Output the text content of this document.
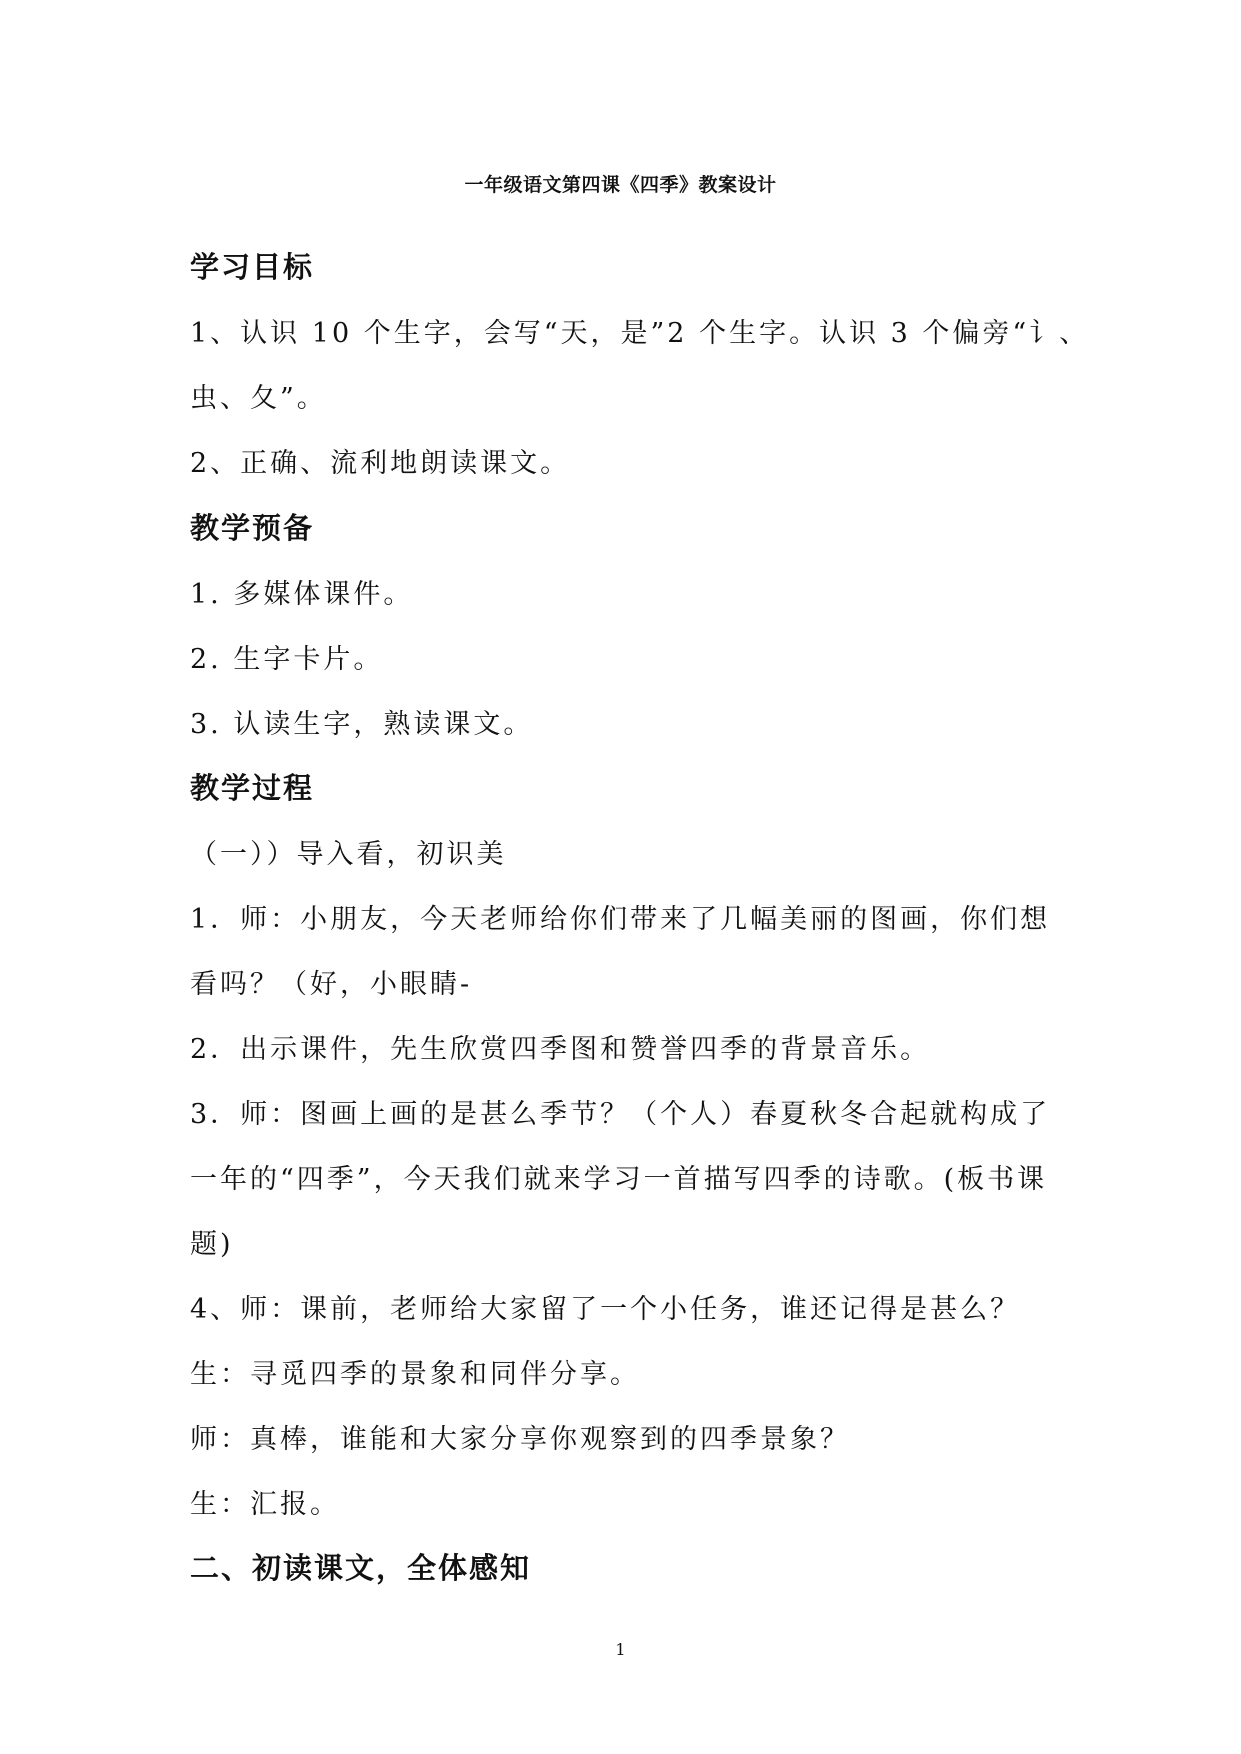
一年级语文第四课《四季》教案设计
学习目标
1、认识 10 个生字，会写“天，是”2 个生字。认识 3 个偏旁“讠、
虫、夂”。
2、正确、流利地朗读课文。
教学预备
1. 多媒体课件。
2. 生字卡片。
3. 认读生字，熟读课文。
教学过程
（一））导入看，初识美
1．师：小朋友，今天老师给你们带来了几幅美丽的图画，你们想
看吗？（好，小眼睛-
2．出示课件，先生欣赏四季图和赞誉四季的背景音乐。
3．师：图画上画的是甚么季节？（个人）春夏秋冬合起就构成了
一年的“四季”，今天我们就来学习一首描写四季的诗歌。(板书课
题)
4、师：课前，老师给大家留了一个小任务，谁还记得是甚么？
生：寻觅四季的景象和同伴分享。
师：真棒，谁能和大家分享你观察到的四季景象？
生：汇报。
二、初读课文，全体感知
1
